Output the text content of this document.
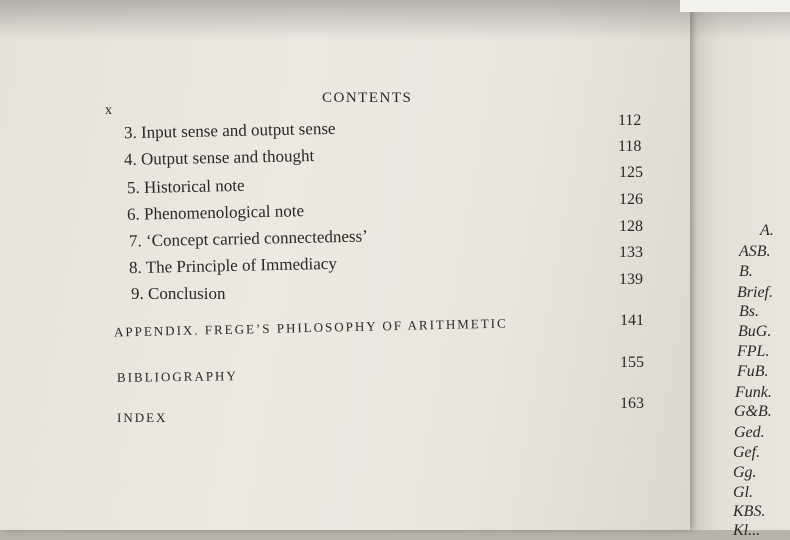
x
CONTENTS
3. Input sense and output sense
4. Output sense and thought
5. Historical note
6. Phenomenological note
7. ‘Concept carried connectedness’
8. The Principle of Immediacy
9. Conclusion
112
118
125
126
128
133
139
APPENDIX. FREGE’S PHILOSOPHY OF ARITHMETIC
BIBLIOGRAPHY
INDEX
141
155
163
A.
ASB.
B.
Brief.
Bs.
BuG.
FPL.
FuB.
Funk.
G&B.
Ged.
Gef.
Gg.
Gl.
KBS.
Kl...
